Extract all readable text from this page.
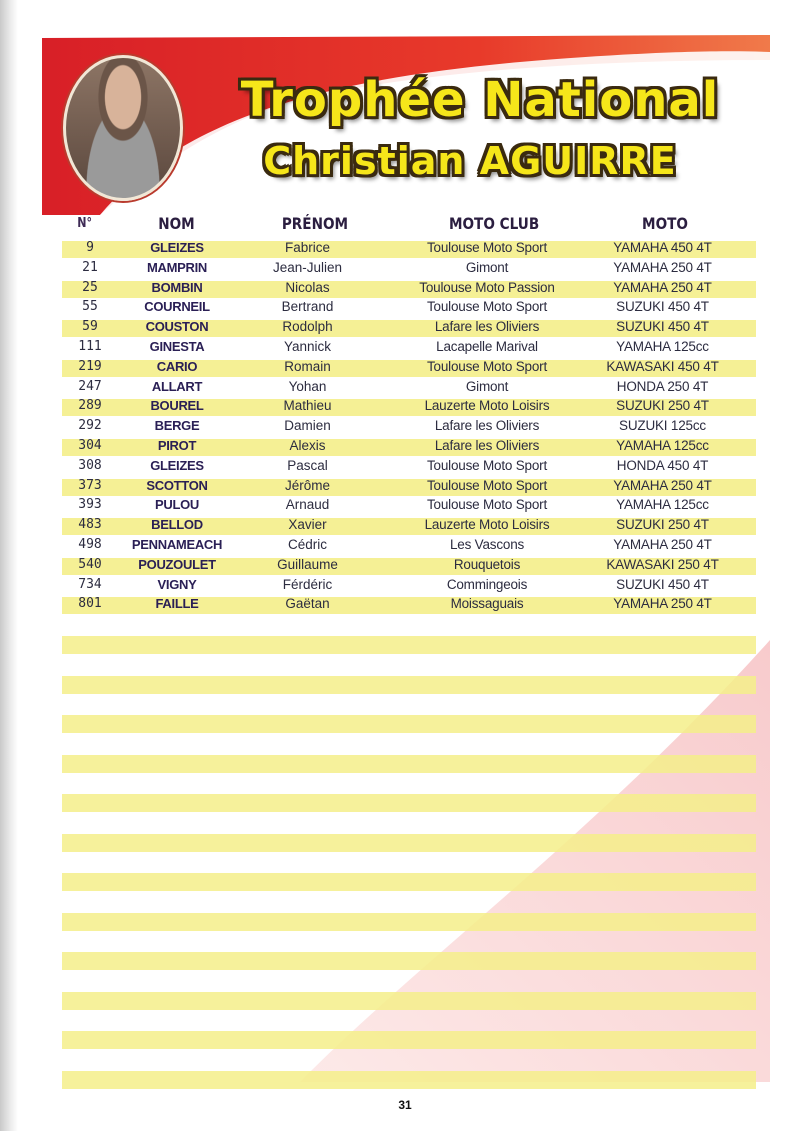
Trophée National
Christian AGUIRRE
N°	NOM	PRÉNOM	MOTO CLUB	MOTO
9	GLEIZES	Fabrice	Toulouse Moto Sport	YAMAHA 450 4T
21	MAMPRIN	Jean-Julien	Gimont	YAMAHA 250 4T
25	BOMBIN	Nicolas	Toulouse Moto Passion	YAMAHA 250 4T
55	COURNEIL	Bertrand	Toulouse Moto Sport	SUZUKI 450 4T
59	COUSTON	Rodolph	Lafare les Oliviers	SUZUKI 450 4T
111	GINESTA	Yannick	Lacapelle Marival	YAMAHA 125cc
219	CARIO	Romain	Toulouse Moto Sport	KAWASAKI 450 4T
247	ALLART	Yohan	Gimont	HONDA 250 4T
289	BOUREL	Mathieu	Lauzerte Moto Loisirs	SUZUKI 250 4T
292	BERGE	Damien	Lafare les Oliviers	SUZUKI 125cc
304	PIROT	Alexis	Lafare les Oliviers	YAMAHA 125cc
308	GLEIZES	Pascal	Toulouse Moto Sport	HONDA 450 4T
373	SCOTTON	Jérôme	Toulouse Moto Sport	YAMAHA 250 4T
393	PULOU	Arnaud	Toulouse Moto Sport	YAMAHA 125cc
483	BELLOD	Xavier	Lauzerte Moto Loisirs	SUZUKI 250 4T
498	PENNAMEACH	Cédric	Les Vascons	YAMAHA 250 4T
540	POUZOULET	Guillaume	Rouquetois	KAWASAKI 250 4T
734	VIGNY	Férdéric	Commingeois	SUZUKI 450 4T
801	FAILLE	Gaëtan	Moissaguais	YAMAHA 250 4T
31
